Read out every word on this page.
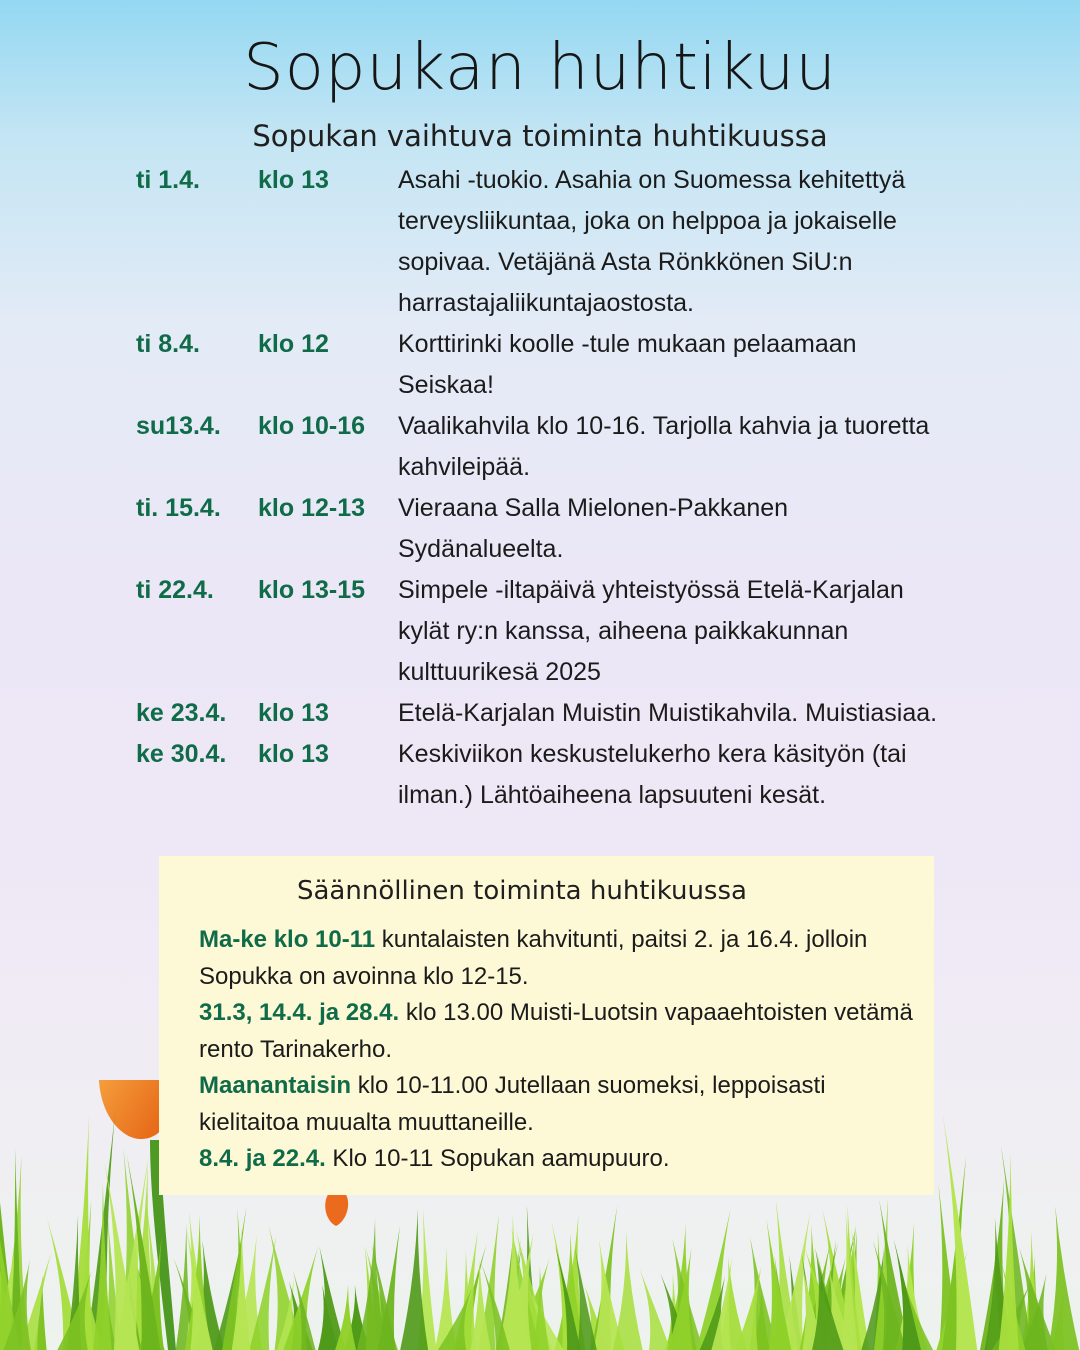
Sopukan huhtikuu
Sopukan vaihtuva toiminta huhtikuussa
ti 1.4.	klo 13	Asahi -tuokio. Asahia on Suomessa kehitettyä terveysliikuntaa, joka on helppoa ja jokaiselle sopivaa. Vetäjänä Asta Rönkkönen SiU:n harrastajaliikuntajaostosta.
ti 8.4.	klo 12	Korttirinki koolle -tule mukaan pelaamaan Seiskaa!
su13.4.	klo 10-16	Vaalikahvila klo 10-16. Tarjolla kahvia ja tuoretta kahvileipää.
ti. 15.4.	klo 12-13	Vieraana Salla Mielonen-Pakkanen Sydänalueelta.
ti 22.4.	klo 13-15	Simpele -iltapäivä yhteistyössä Etelä-Karjalan kylät ry:n kanssa, aiheena paikkakunnan kulttuurikesä 2025
ke 23.4.	klo 13	Etelä-Karjalan Muistin Muistikahvila. Muistiasiaa.
ke 30.4.	klo 13	Keskiviikon keskustelukerho kera käsityön (tai ilman.) Lähtöaiheena lapsuuteni kesät.
Säännöllinen toiminta huhtikuussa
Ma-ke klo 10-11 kuntalaisten kahvitunti, paitsi 2. ja 16.4. jolloin Sopukka on avoinna klo 12-15.
31.3, 14.4. ja 28.4. klo 13.00 Muisti-Luotsin vapaaehtoisten vetämä rento Tarinakerho.
Maanantaisin klo 10-11.00 Jutellaan suomeksi, leppoisasti kielitaitoa muualta muuttaneille.
8.4. ja 22.4. Klo 10-11 Sopukan aamupuuro.
